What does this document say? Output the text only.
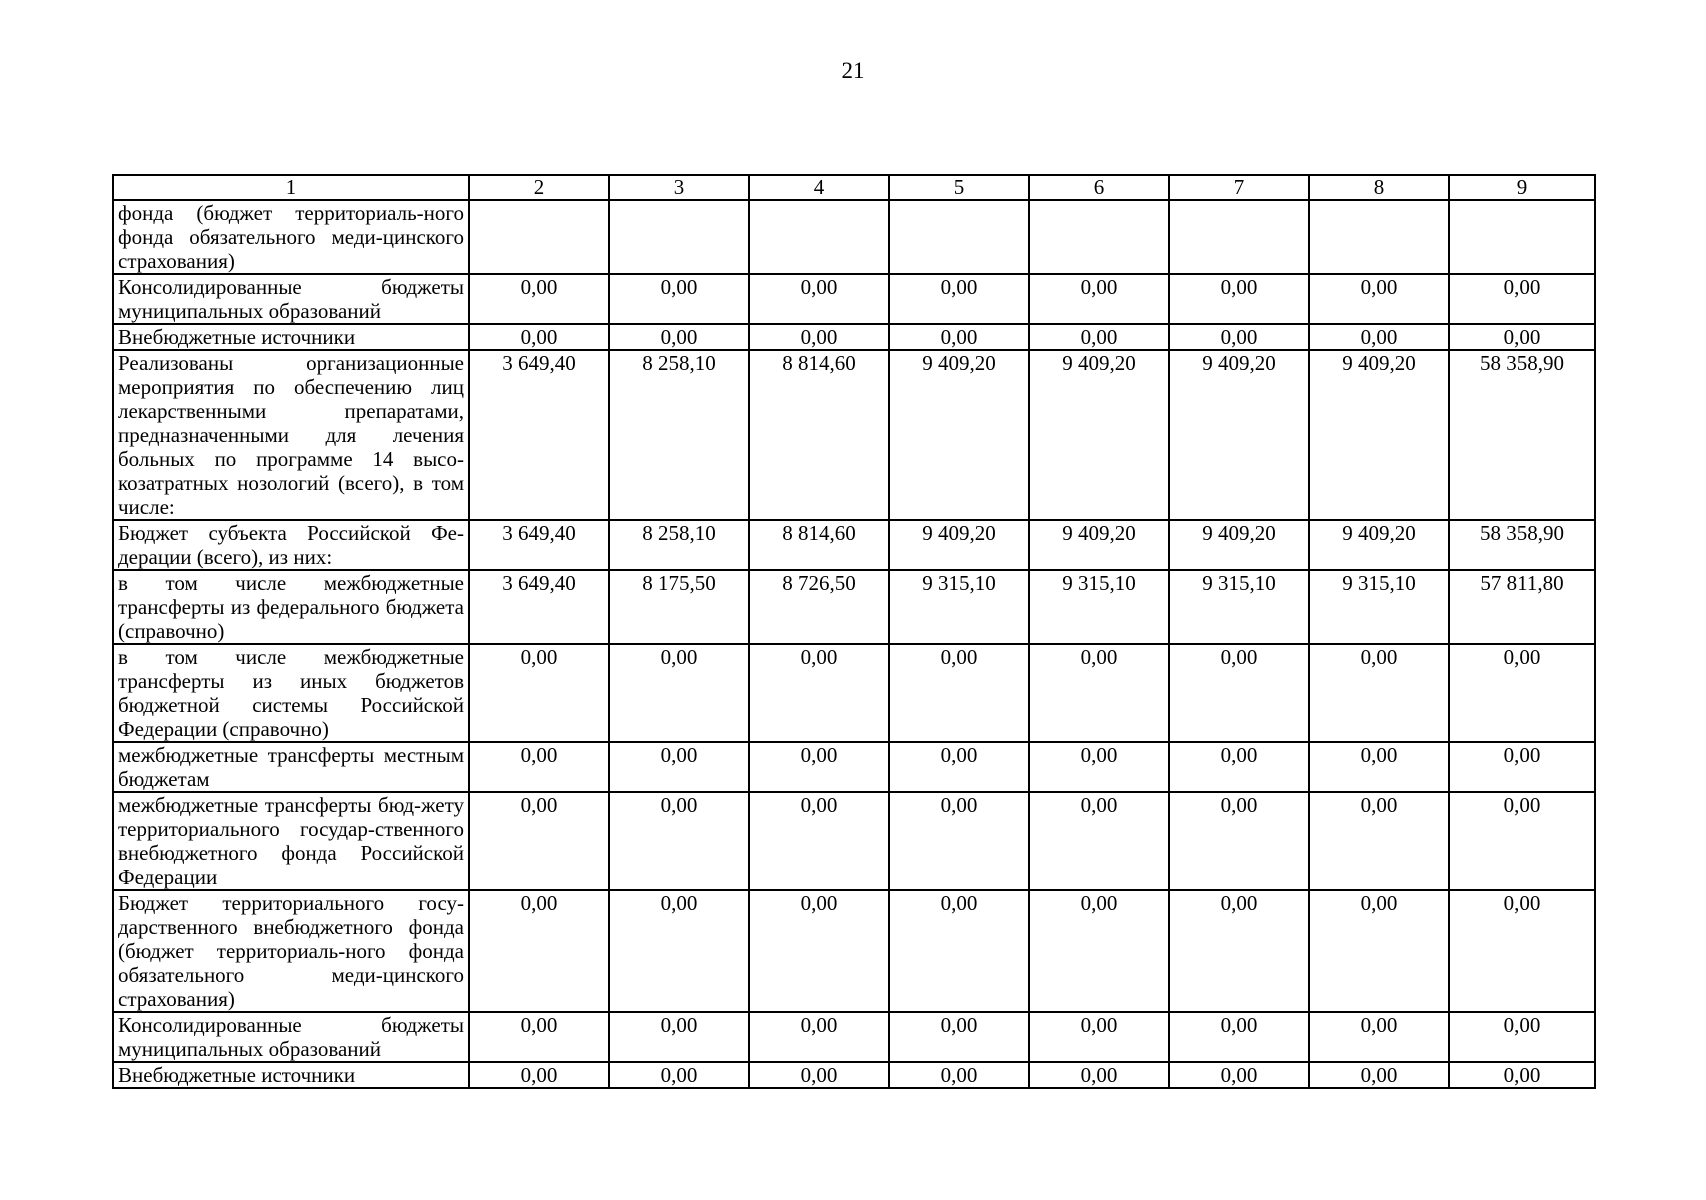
21
1	2	3	4	5	6	7	8	9
фонда (бюджет территориаль-ного фонда обязательного меди-цинского страхования)								
Консолидированные бюджеты муниципальных образований	0,00	0,00	0,00	0,00	0,00	0,00	0,00	0,00
Внебюджетные источники	0,00	0,00	0,00	0,00	0,00	0,00	0,00	0,00
Реализованы организационные мероприятия по обеспечению лиц лекарственными препаратами, предназначенными для лечения больных по программе 14 высо-козатратных нозологий (всего), в том числе:	3 649,40	8 258,10	8 814,60	9 409,20	9 409,20	9 409,20	9 409,20	58 358,90
Бюджет субъекта Российской Фе-дерации (всего), из них:	3 649,40	8 258,10	8 814,60	9 409,20	9 409,20	9 409,20	9 409,20	58 358,90
в том числе межбюджетные трансферты из федерального бюджета (справочно)	3 649,40	8 175,50	8 726,50	9 315,10	9 315,10	9 315,10	9 315,10	57 811,80
в том числе межбюджетные трансферты из иных бюджетов бюджетной системы Российской Федерации (справочно)	0,00	0,00	0,00	0,00	0,00	0,00	0,00	0,00
межбюджетные трансферты местным бюджетам	0,00	0,00	0,00	0,00	0,00	0,00	0,00	0,00
межбюджетные трансферты бюд-жету территориального государ-ственного внебюджетного фонда Российской Федерации	0,00	0,00	0,00	0,00	0,00	0,00	0,00	0,00
Бюджет территориального госу-дарственного внебюджетного фонда (бюджет территориаль-ного фонда обязательного меди-цинского страхования)	0,00	0,00	0,00	0,00	0,00	0,00	0,00	0,00
Консолидированные бюджеты муниципальных образований	0,00	0,00	0,00	0,00	0,00	0,00	0,00	0,00
Внебюджетные источники	0,00	0,00	0,00	0,00	0,00	0,00	0,00	0,00
